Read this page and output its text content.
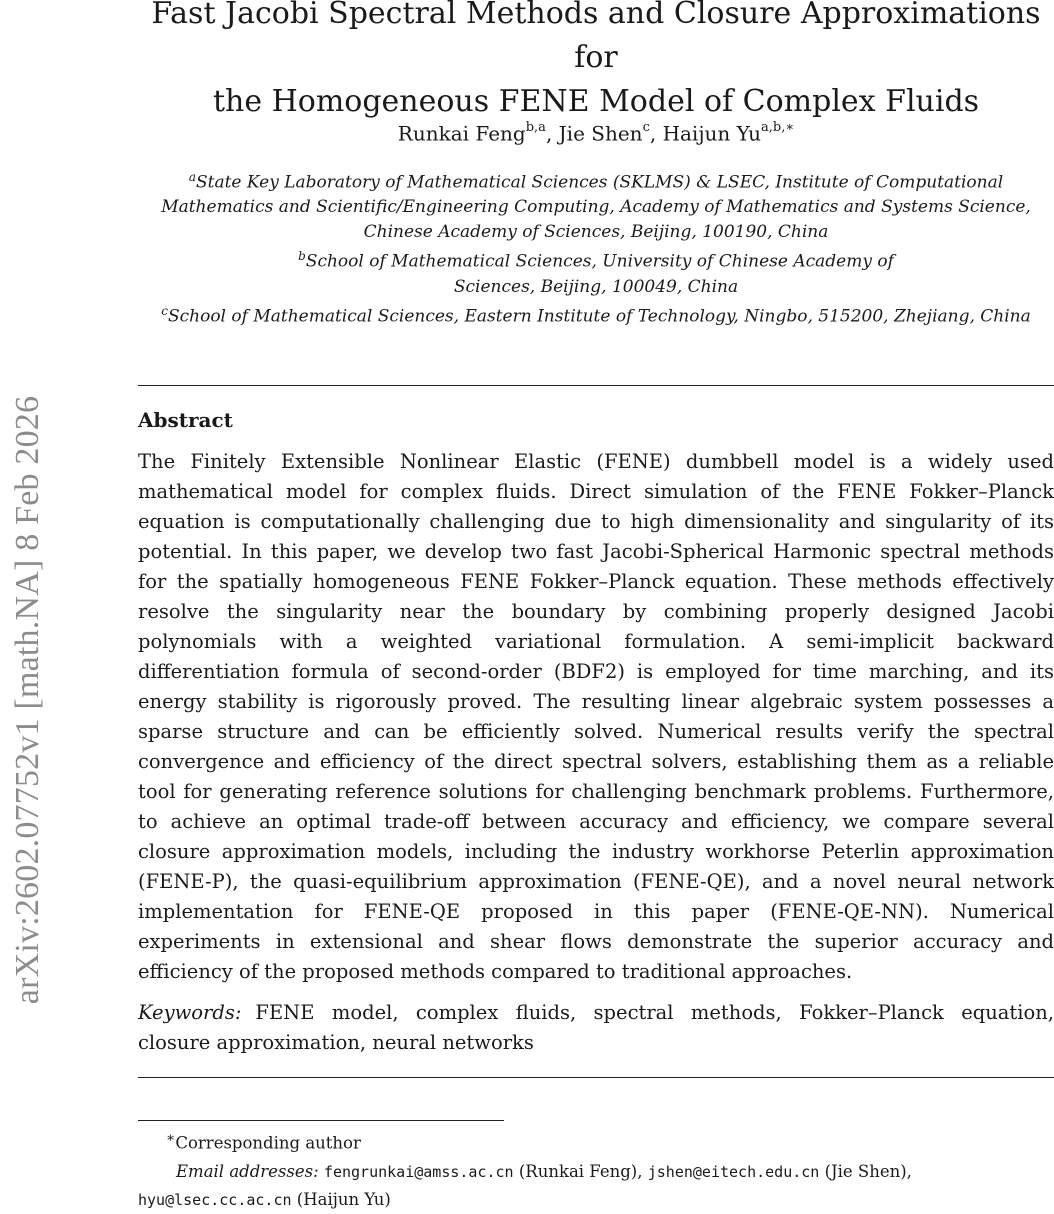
arXiv:2602.07752v1 [math.NA] 8 Feb 2026
Fast Jacobi Spectral Methods and Closure Approximations for
the Homogeneous FENE Model of Complex Fluids
Runkai Feng$^{b,a}$, Jie Shen$^c$, Haijun $Yu^{a,b,∗}$
$^a$State Key Laboratory of Mathematical Sciences (SKLMS) & LSEC, Institute of Computational
Mathematics and Scientific/Engineering Computing, Academy of Mathematics and Systems Science,
Chinese Academy of Sciences, Beijing, 100190, China
$^b$School of Mathematical Sciences, University of Chinese Academy of
Sciences, Beijing, 100049, China
$^c$School of Mathematical Sciences, Eastern Institute of Technology, Ningbo, 515200, Zhejiang, China
Abstract

The Finitely Extensible Nonlinear Elastic (FENE) dumbbell model is a widely used mathematical model for complex fluids. Direct simulation of the FENE Fokker–Planck equation is computationally challenging due to high dimensionality and singularity of its potential. In this paper, we develop two fast Jacobi-Spherical Harmonic spectral methods for the spatially homogeneous FENE Fokker–Planck equation. These methods effectively resolve the singularity near the boundary by combining properly designed Jacobi polynomials with a weighted variational formulation. A semi-implicit backward differentiation formula of second-order (BDF2) is employed for time marching, and its energy stability is rigorously proved. The resulting linear algebraic system possesses a sparse structure and can be efficiently solved. Numerical results verify the spectral convergence and efficiency of the direct spectral solvers, establishing them as a reliable tool for generating reference solutions for challenging benchmark problems. Furthermore, to achieve an optimal trade-off between accuracy and efficiency, we compare several closure approximation models, including the industry workhorse Peterlin approximation (FENE-P), the quasi-equilibrium approximation (FENE-QE), and a novel neural network implementation for FENE-QE proposed in this paper (FENE-QE-NN). Numerical experiments in extensional and shear flows demonstrate the superior accuracy and efficiency of the proposed methods compared to traditional approaches.

Keywords: FENE model, complex fluids, spectral methods, Fokker–Planck equation, closure approximation, neural networks

∗Corresponding author
Email addresses: fengrunkai@amss.ac.cn (Runkai Feng), jshen@eitech.edu.cn (Jie Shen),
hyu@lsec.cc.ac.cn (Haijun Yu)
